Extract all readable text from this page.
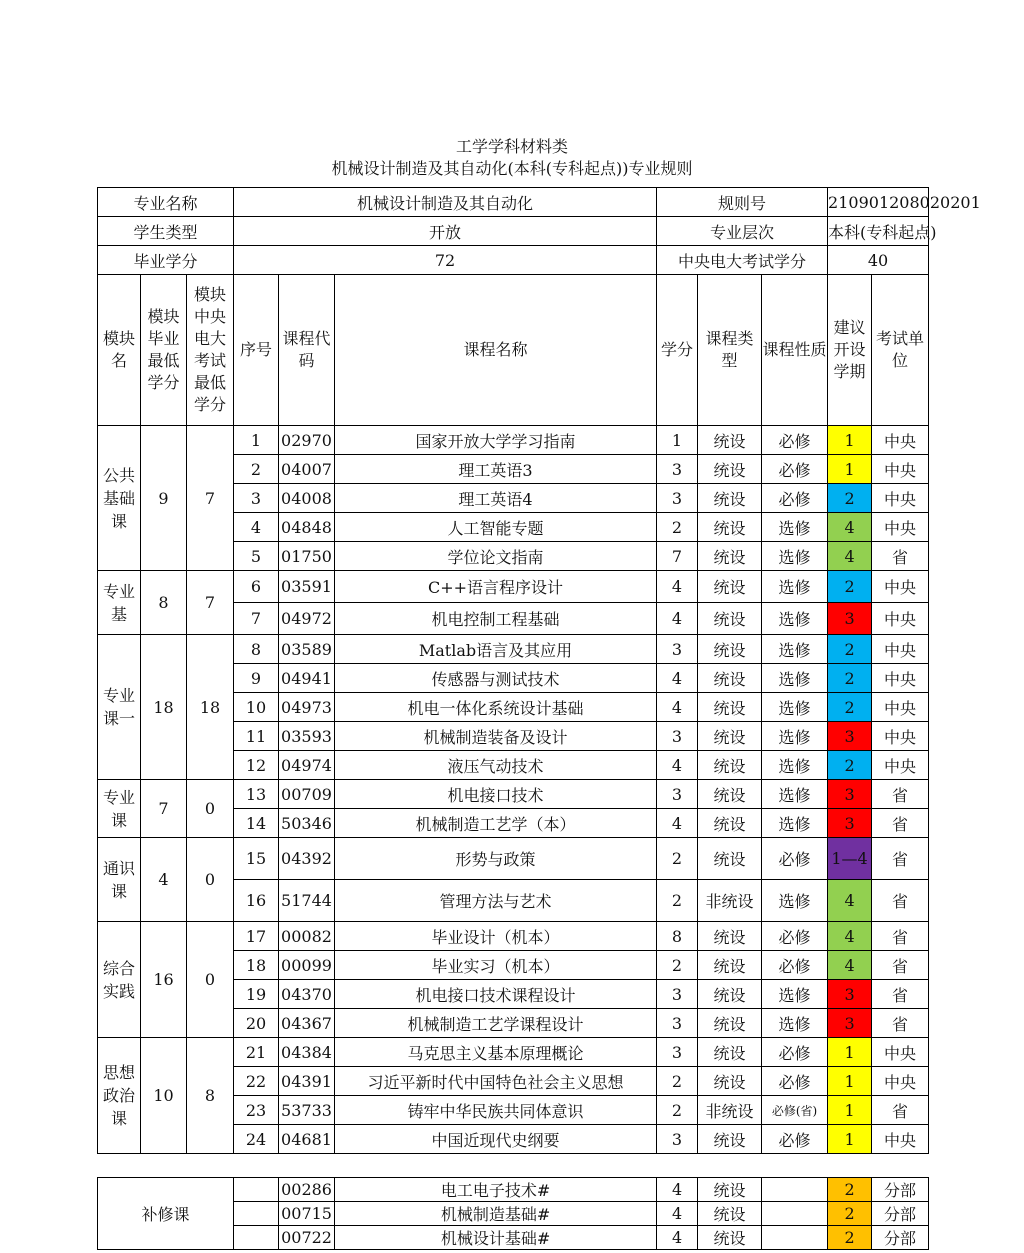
工学学科材料类
机械设计制造及其自动化(本科(专科起点))专业规则
专业名称			机械设计制造及其自动化			规则号			210901208020201	
学生类型			开放			专业层次			本科(专科起点)	
毕业学分			72			中央电大考试学分			40	
模块名	模块毕业最低学分	模块中央电大考试最低学分	序号	课程代码	课程名称	学分	课程类型	课程性质	建议开设学期	考试单位
公共基础课	9	7	1	02970	国家开放大学学习指南	1	统设	必修	1	中央
			2	04007	理工英语3	3	统设	必修	1	中央
			3	04008	理工英语4	3	统设	必修	2	中央
			4	04848	人工智能专题	2	统设	选修	4	中央
			5	01750	学位论文指南	7	统设	选修	4	省
专业基	8	7	6	03591	C++语言程序设计	4	统设	选修	2	中央
			7	04972	机电控制工程基础	4	统设	选修	3	中央
专业课一	18	18	8	03589	Matlab语言及其应用	3	统设	选修	2	中央
			9	04941	传感器与测试技术	4	统设	选修	2	中央
			10	04973	机电一体化系统设计基础	4	统设	选修	2	中央
			11	03593	机械制造装备及设计	3	统设	选修	3	中央
			12	04974	液压气动技术	4	统设	选修	2	中央
专业课	7	0	13	00709	机电接口技术	3	统设	选修	3	省
			14	50346	机械制造工艺学（本）	4	统设	选修	3	省
通识课	4	0	15	04392	形势与政策	2	统设	必修	1—4	省
			16	51744	管理方法与艺术	2	非统设	选修	4	省
综合实践	16	0	17	00082	毕业设计（机本）	8	统设	必修	4	省
			18	00099	毕业实习（机本）	2	统设	必修	4	省
			19	04370	机电接口技术课程设计	3	统设	选修	3	省
			20	04367	机械制造工艺学课程设计	3	统设	选修	3	省
思想政治课	10	8	21	04384	马克思主义基本原理概论	3	统设	必修	1	中央
			22	04391	习近平新时代中国特色社会主义思想	2	统设	必修	1	中央
			23	53733	铸牢中华民族共同体意识	2	非统设	必修(省)	1	省
			24	04681	中国近现代史纲要	3	统设	必修	1	中央
补修课		00286	电工电子技术#	4	统设		2	分部
		00715	机械制造基础#	4	统设		2	分部
		00722	机械设计基础#	4	统设		2	分部
